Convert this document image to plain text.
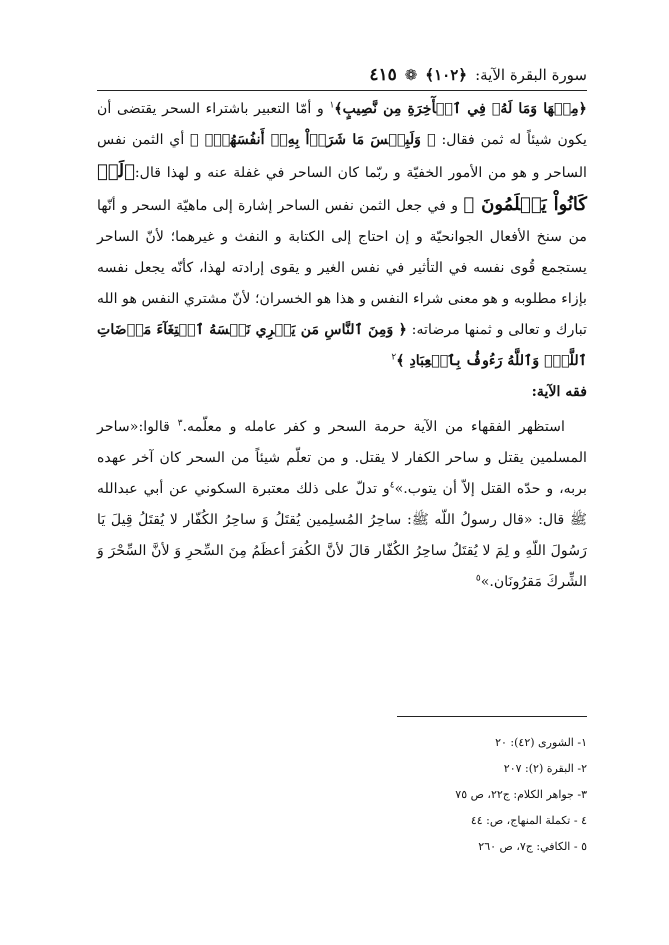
سورة البقرة الآية:
﴿١٠٢﴾
❁
٤١٥

﴿مِنۡهَا وَمَا لَهُۥ فِي ٱلۡأٓخِرَةِ مِن نَّصِيبٍ﴾$^١$ و أمّا التعبير باشتراء السحر يقتضى أن يكون شيئاً له ثمن فقال: ﴿ وَلَبِئۡسَ مَا شَرَوۡاْ بِهِۦٓ أَنفُسَهُمۡۚ ﴾ أي الثمن نفس الساحر و هو من الأمور الخفيّة و ربّما كان الساحر في غفلة عنه و لهذا قال:﴿لَوۡ كَانُواْ يَعۡلَمُونَ ﴾ و في جعل الثمن نفس الساحر إشارة إلى ماهيّة السحر و أنّها من سنخ الأفعال الجوانحيّة و إن احتاج إلى الكتابة و النفث و غيرهما؛ لأنّ الساحر يستجمع قُوى نفسه في التأثير في نفس الغير و يقوى إرادته لهذا، كأنّه يجعل نفسه بإزاء مطلوبه و هو معنى شراء النفس و هذا هو الخسران؛ لأنّ مشتري النفس هو الله تبارك و تعالى و ثمنها مرضاته: ﴿ وَمِنَ ٱلنَّاسِ مَن يَشۡرِي نَفۡسَهُ ٱبۡتِغَآءَ مَرۡضَاتِ ٱللَّهِۗ وَٱللَّهُ رَءُوفُۢ بِٱلۡعِبَادِ ﴾$^٢$

فقه الآية:

استظهر الفقهاء من الآية حرمة السحر و كفر عامله و معلّمه.$^٣$ قالوا:«ساحر المسلمين يقتل و ساحر الكفار لا يقتل. و من تعلّم شيئاً من السحر كان آخر عهده بربه، و حدّه القتل إلاّ أن يتوب.»$^٤$و تدلّ على ذلك معتبرة السكوني عن أبي عبدالله ﷺ قال: «قال رسولُ اللّه ﷺ: ساحِرُ المُسلِمين يُقتَلُ وَ ساحِرُ الكُفّار لا يُقتَلُ قِيلَ يَا رَسُولَ اللّهِ و لِمَ لا يُقتَلُ ساحِرُ الكُفّار قالَ لأنَّ الكُفرَ أعظَمُ مِنَ السِّحرِ وَ لأنَّ السِّحْرَ وَ الشِّركَ مَقرُونَان.»$^٥$

١- الشورى (٤٢): ٢٠
٢- البقرة (٢): ٢٠٧
٣- جواهر الكلام: ج٢٢، ص ٧٥
٤ - تكملة المنهاج، ص: ٤٤
٥ - الكافي: ج٧، ص ٢٦٠
